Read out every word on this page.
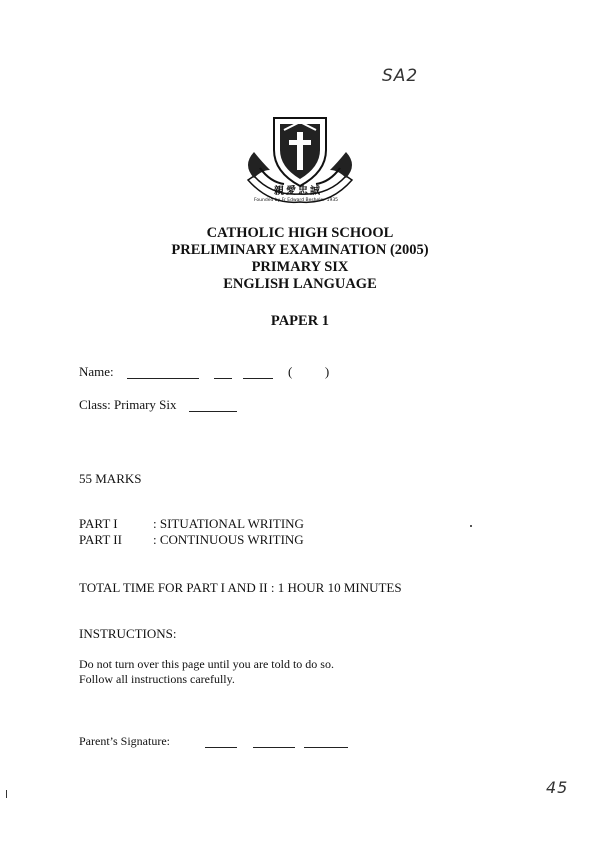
SA2
親愛忠誠
Founded by Fr Edward Beshelor 1935
CATHOLIC HIGH SCHOOL
PRELIMINARY EXAMINATION (2005)
PRIMARY SIX
ENGLISH LANGUAGE
PAPER 1
Name:	(          )
Class: Primary Six
55 MARKS
PART I	: SITUATIONAL WRITING
PART II : CONTINUOUS WRITING
TOTAL TIME FOR PART I AND II : 1 HOUR 10 MINUTES
INSTRUCTIONS:
Do not turn over this page until you are told to do so.
Follow all instructions carefully.
Parent’s Signature:
45
